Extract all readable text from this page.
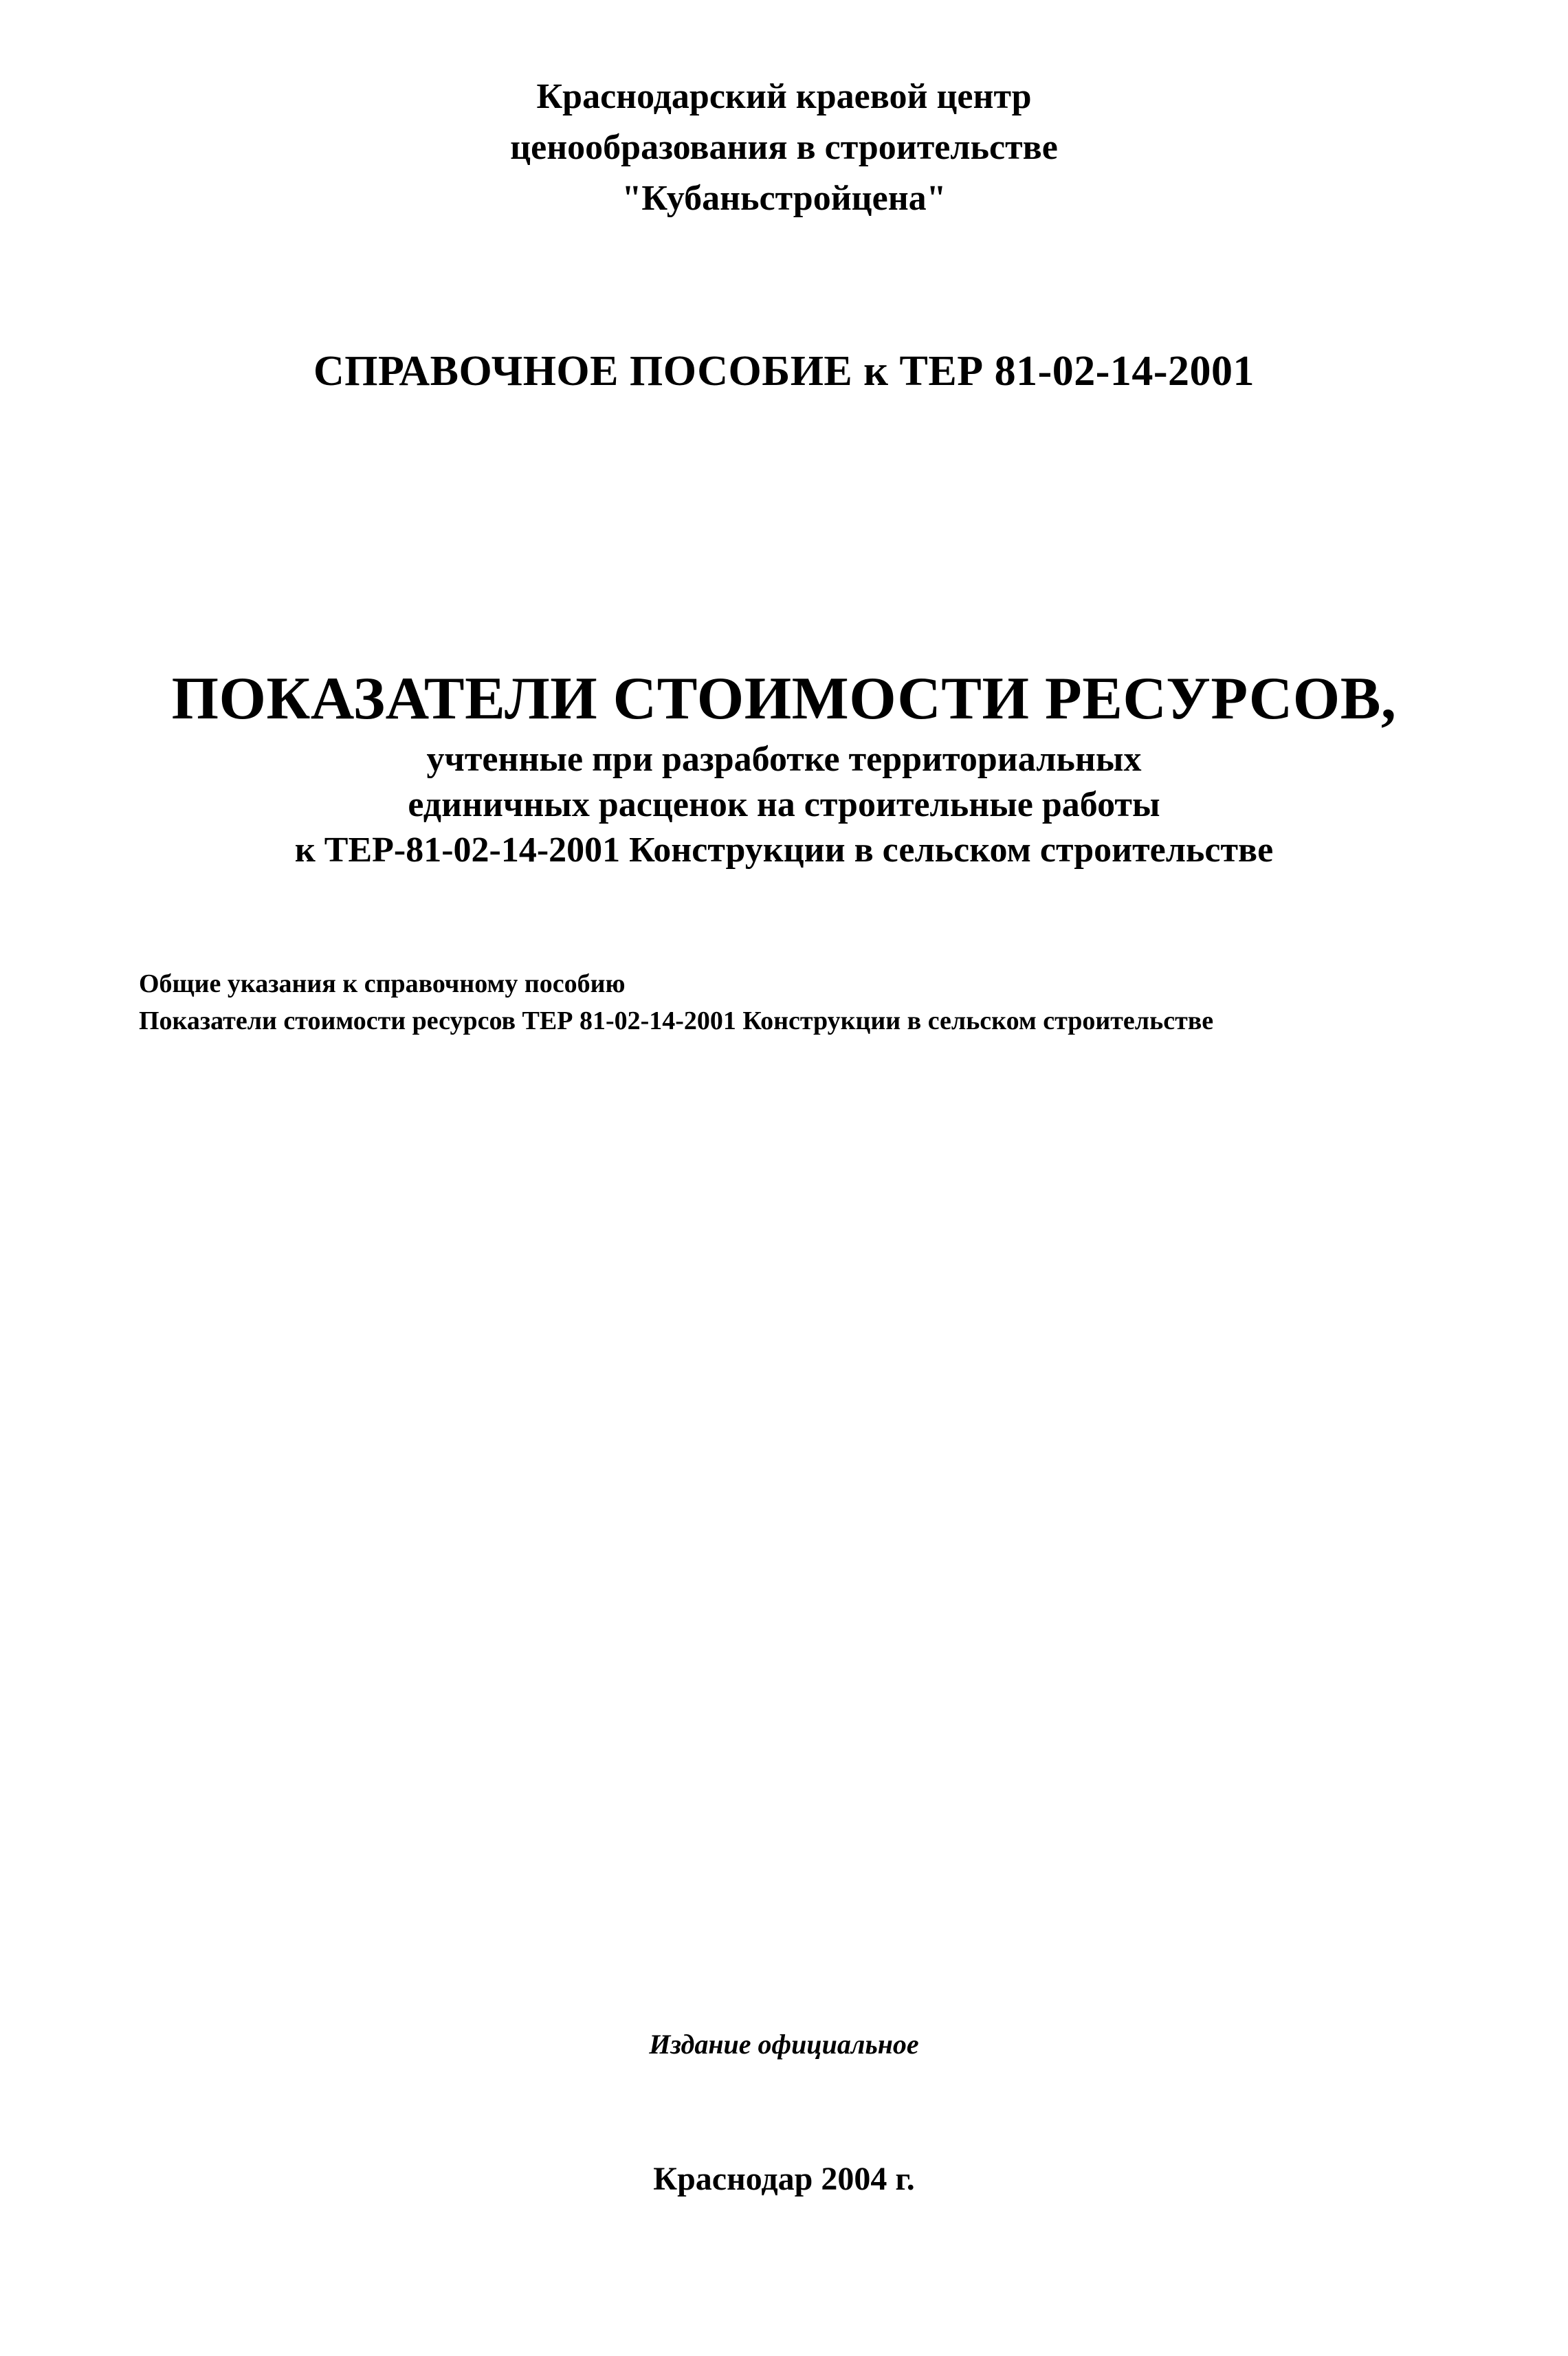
Краснодарский краевой центр
ценообразования в строительстве
"Кубаньстройцена"
СПРАВОЧНОЕ ПОСОБИЕ к ТЕР 81-02-14-2001
ПОКАЗАТЕЛИ СТОИМОСТИ РЕСУРСОВ,
учтенные при разработке территориальных
единичных расценок на строительные работы
к ТЕР-81-02-14-2001 Конструкции в сельском строительстве
Общие указания к справочному пособию
Показатели стоимости ресурсов ТЕР 81-02-14-2001 Конструкции в сельском строительстве
Издание официальное
Краснодар 2004 г.
